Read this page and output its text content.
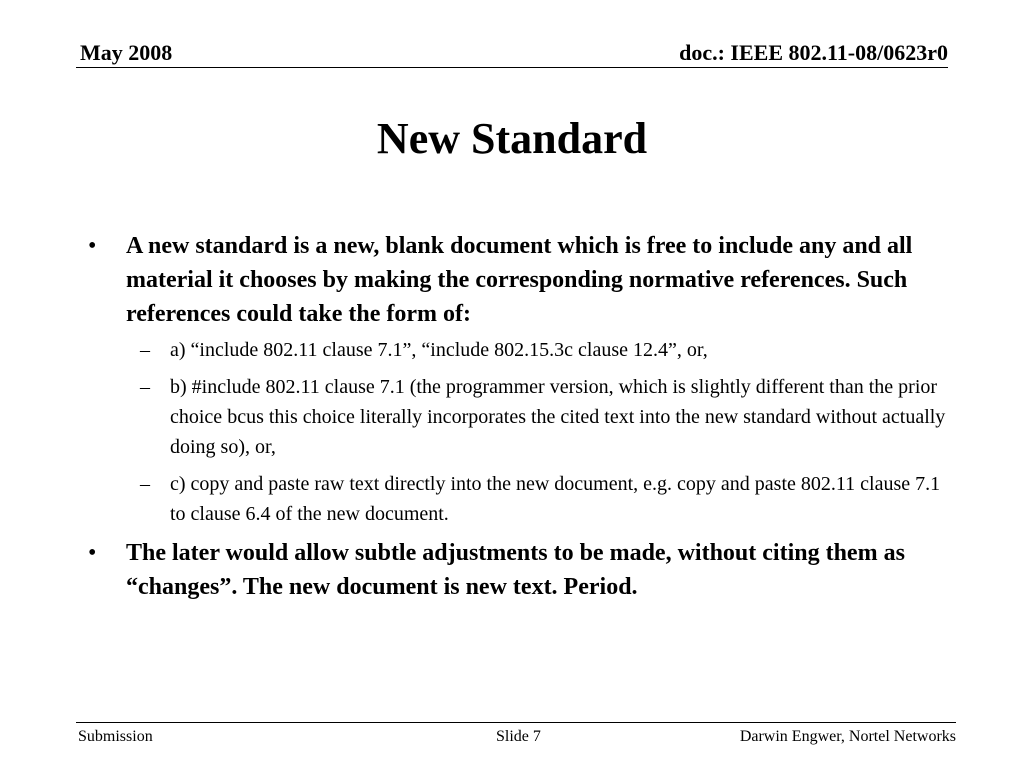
May 2008	doc.: IEEE 802.11-08/0623r0
New Standard
• A new standard is a new, blank document which is free to include any and all material it chooses by making the corresponding normative references. Such references could take the form of:
– a) “include 802.11 clause 7.1”, “include 802.15.3c clause 12.4”, or,
– b) #include 802.11 clause 7.1 (the programmer version, which is slightly different than the prior choice bcus this choice literally incorporates the cited text into the new standard without actually doing so), or,
– c) copy and paste raw text directly into the new document, e.g. copy and paste 802.11 clause 7.1 to clause 6.4 of the new document.
• The later would allow subtle adjustments to be made, without citing them as “changes”. The new document is new text. Period.
Submission	Slide 7	Darwin Engwer, Nortel Networks
